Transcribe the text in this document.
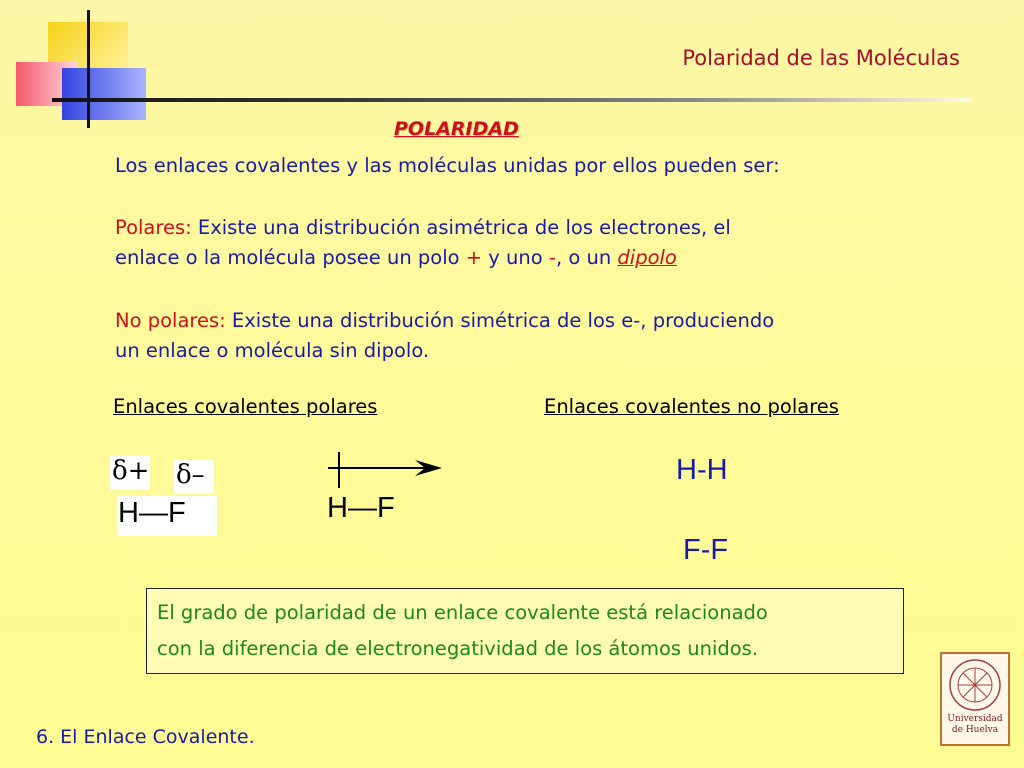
Polaridad de las Moléculas
POLARIDAD
Los enlaces covalentes y las moléculas unidas por ellos pueden ser:
Polares: Existe una distribución asimétrica de los electrones, el
enlace o la molécula posee un polo + y uno -, o un dipolo
No polares: Existe una distribución simétrica de los e-, produciendo
un enlace o molécula sin dipolo.
Enlaces covalentes polares	Enlaces covalentes no polares
δ+ δ–
H—F	H—F
H-H
F-F
El grado de polaridad de un enlace covalente está relacionado
con la diferencia de electronegatividad de los átomos unidos.
6. El Enlace Covalente.
Universidad
de Huelva
